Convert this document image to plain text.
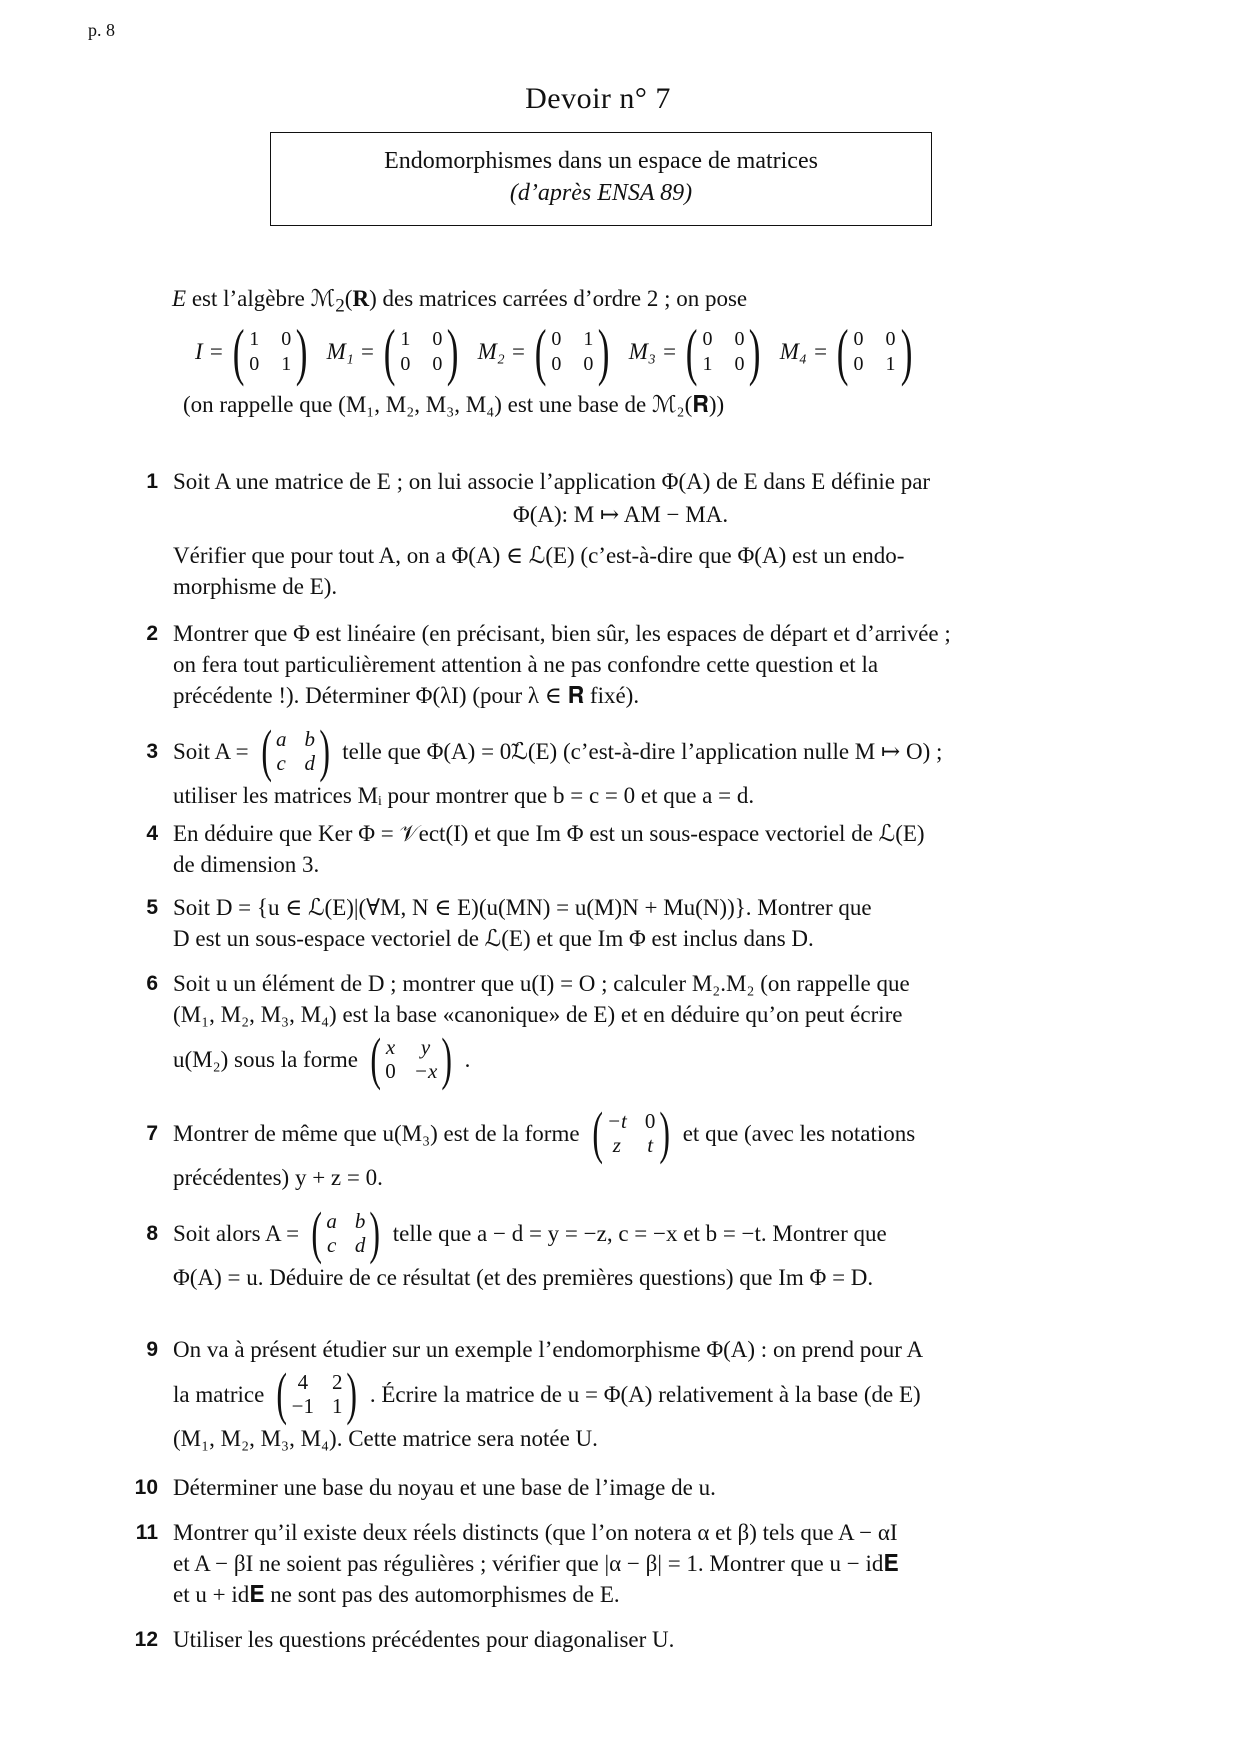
p. 8
Devoir n° 7
Endomorphismes dans un espace de matrices
(d’après ENSA 89)
E est l’algèbre ℳ$_2$(R) des matrices carrées d’ordre 2 ; on pose
I = ( 1 0
0 1 ) M₁ = ( 1 0
0 0 ) M₂ = ( 0 1
0 0 ) M₃ = ( 0 0
1 0 ) M₄ = ( 0 0
0 1 )
(on rappelle que (M₁, M₂, M₃, M₄) est une base de ℳ₂(𝐑))
1 Soit A une matrice de E ; on lui associe l’application Φ(A) de E dans E définie par
Φ(A): M ↦ AM − MA.
Vérifier que pour tout A, on a Φ(A) ∈ ℒ(E) (c’est-à-dire que Φ(A) est un endo-
morphisme de E).
2 Montrer que Φ est linéaire (en précisant, bien sûr, les espaces de départ et d’arrivée ;
on fera tout particulièrement attention à ne pas confondre cette question et la
précédente !). Déterminer Φ(λI) (pour λ ∈ 𝐑 fixé).
3 Soit A = ( a b
c d ) telle que Φ(A) = 0̃ℒ(E) (c’est-à-dire l’application nulle M ↦ O) ;
utiliser les matrices Mᵢ pour montrer que b = c = 0 et que a = d.
4 En déduire que Ker Φ = 𝒱ect(I) et que Im Φ est un sous-espace vectoriel de ℒ(E)
de dimension 3.
5 Soit D = {u ∈ ℒ(E)|(∀M, N ∈ E)(u(MN) = u(M)N + Mu(N))}. Montrer que
D est un sous-espace vectoriel de ℒ(E) et que Im Φ est inclus dans D.
6 Soit u un élément de D ; montrer que u(I) = O ; calculer M₂.M₂ (on rappelle que
(M₁, M₂, M₃, M₄) est la base «canonique» de E) et en déduire qu’on peut écrire
u(M₂) sous la forme ( x	y
0 −x ) .
7 Montrer de même que u(M₃) est de la forme ( −t 0
z t ) et que (avec les notations
précédentes) y + z = 0.
8 Soit alors A = ( a b
c d ) telle que a − d = y = −z, c = −x et b = −t. Montrer que
Φ(A) = u. Déduire de ce résultat (et des premières questions) que Im Φ = D.
9 On va à présent étudier sur un exemple l’endomorphisme Φ(A) : on prend pour A
la matrice ( 4 2
−1 1 ) . Écrire la matrice de u = Φ(A) relativement à la base (de E)
(M₁, M₂, M₃, M₄). Cette matrice sera notée U.
10 Déterminer une base du noyau et une base de l’image de u.
11 Montrer qu’il existe deux réels distincts (que l’on notera α et β) tels que A − αI
et A − βI ne soient pas régulières ; vérifier que |α − β| = 1. Montrer que u − id𝐄
et u + id𝐄 ne sont pas des automorphismes de E.
12 Utiliser les questions précédentes pour diagonaliser U.
